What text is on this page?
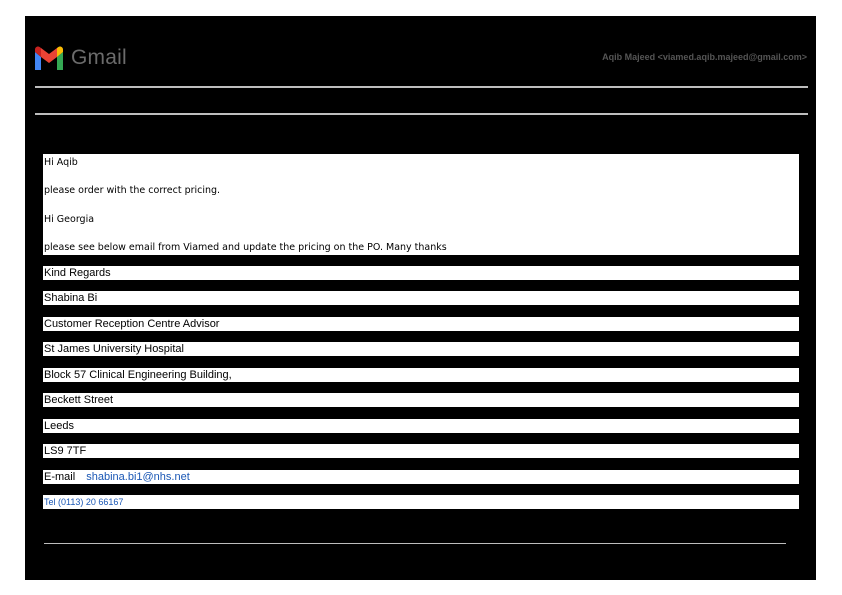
Gmail	Aqib Majeed <viamed.aqib.majeed@gmail.com>
Hi Aqib
please order with the correct pricing.
Hi Georgia
please see below email from Viamed and update the pricing on the PO. Many thanks
Kind Regards
Shabina Bi
Customer Reception Centre Advisor
St James University Hospital
Block 57 Clinical Engineering Building,
Beckett Street
Leeds
LS9 7TF
E-mail shabina.bi1@nhs.net
Tel (0113) 20 66167
